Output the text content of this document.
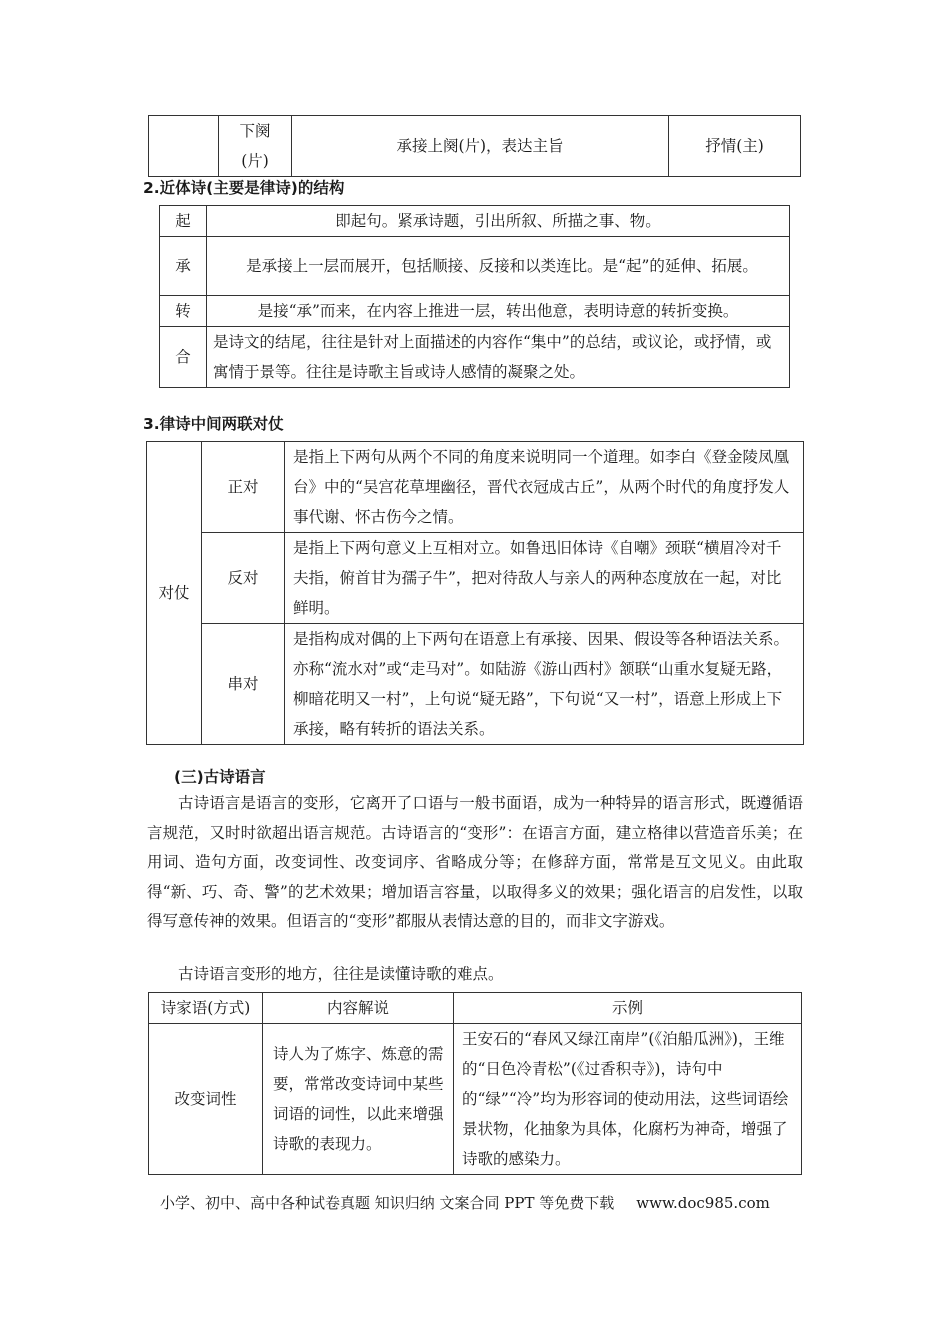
	下阕(片)	承接上阕(片)，表达主旨	抒情(主)
2.近体诗(主要是律诗)的结构
起	即起句。紧承诗题，引出所叙、所描之事、物。
承	是承接上一层而展开，包括顺接、反接和以类连比。是“起”的延伸、拓展。
转	是接“承”而来，在内容上推进一层，转出他意，表明诗意的转折变换。
合	是诗文的结尾，往往是针对上面描述的内容作“集中”的总结，或议论，或抒情，或寓情于景等。往往是诗歌主旨或诗人感情的凝聚之处。
3.律诗中间两联对仗
对仗	正对	是指上下两句从两个不同的角度来说明同一个道理。如李白《登金陵凤凰台》中的“吴宫花草埋幽径，晋代衣冠成古丘”，从两个时代的角度抒发人事代谢、怀古伤今之情。
	反对	是指上下两句意义上互相对立。如鲁迅旧体诗《自嘲》颈联“横眉冷对千夫指，俯首甘为孺子牛”，把对待敌人与亲人的两种态度放在一起，对比鲜明。
	串对	是指构成对偶的上下两句在语意上有承接、因果、假设等各种语法关系。亦称“流水对”或“走马对”。如陆游《游山西村》颔联“山重水复疑无路，柳暗花明又一村”，上句说“疑无路”，下句说“又一村”，语意上形成上下承接，略有转折的语法关系。
(三)古诗语言
古诗语言是语言的变形，它离开了口语与一般书面语，成为一种特异的语言形式，既遵循语言规范，又时时欲超出语言规范。古诗语言的“变形”：在语言方面，建立格律以营造音乐美；在用词、造句方面，改变词性、改变词序、省略成分等；在修辞方面，常常是互文见义。由此取得“新、巧、奇、警”的艺术效果；增加语言容量，以取得多义的效果；强化语言的启发性，以取得写意传神的效果。但语言的“变形”都服从表情达意的目的，而非文字游戏。
古诗语言变形的地方，往往是读懂诗歌的难点。
诗家语(方式)	内容解说	示例
改变词性	诗人为了炼字、炼意的需要，常常改变诗词中某些词语的词性，以此来增强诗歌的表现力。	王安石的“春风又绿江南岸”(《泊船瓜洲》)，王维的“日色冷青松”(《过香积寺》)，诗句中的“绿”“冷”均为形容词的使动用法，这些词语绘景状物，化抽象为具体，化腐朽为神奇，增强了诗歌的感染力。
小学、初中、高中各种试卷真题 知识归纳 文案合同 PPT 等免费下载 www.doc985.com
